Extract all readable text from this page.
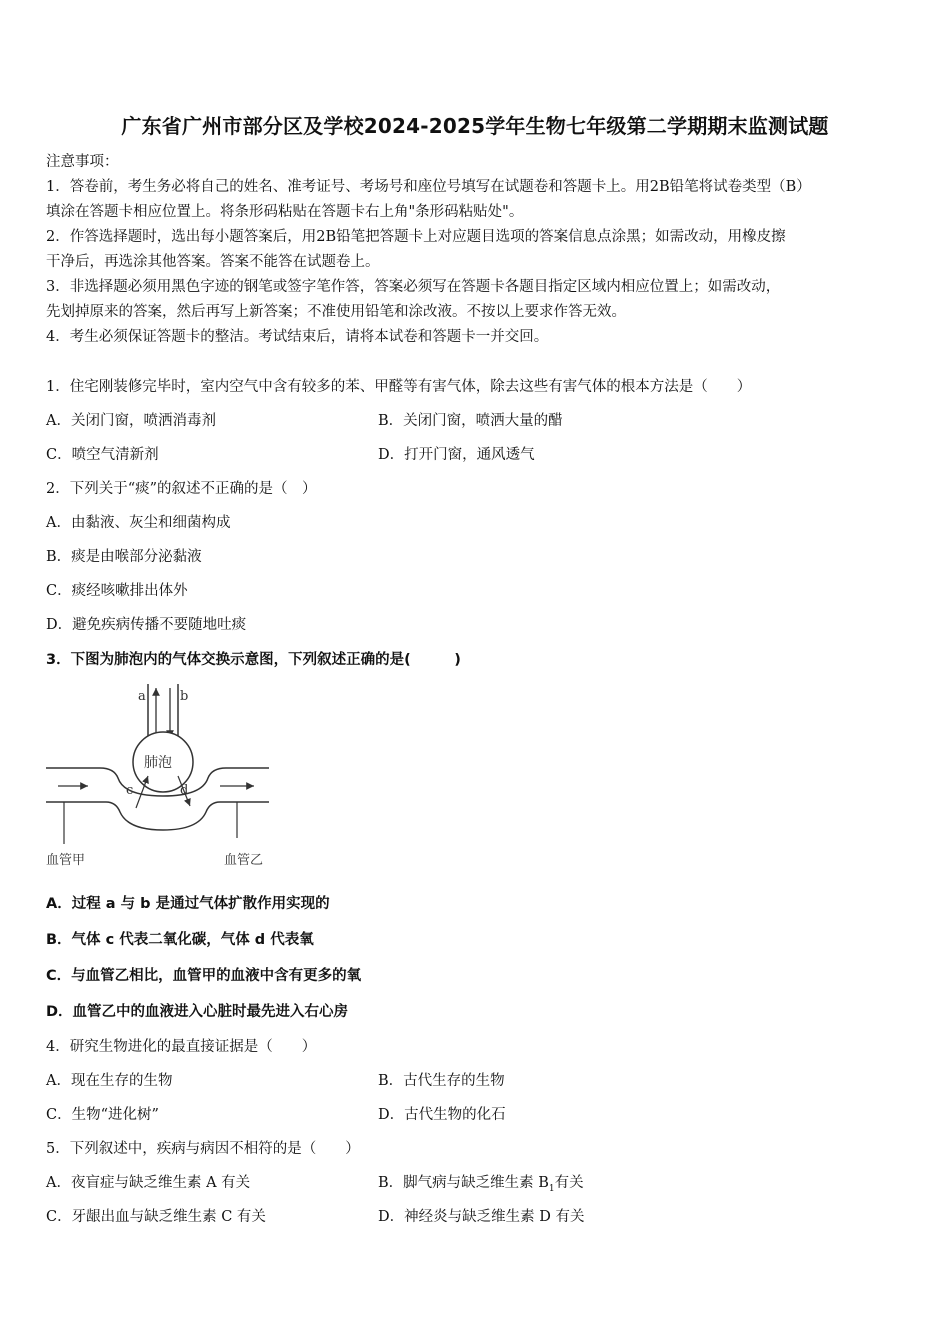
广东省广州市部分区及学校2024-2025学年生物七年级第二学期期末监测试题

注意事项：

1．答卷前，考生务必将自己的姓名、准考证号、考场号和座位号填写在试题卷和答题卡上。用2B铅笔将试卷类型（B）

填涂在答题卡相应位置上。将条形码粘贴在答题卡右上角"条形码粘贴处"。

2．作答选择题时，选出每小题答案后，用2B铅笔把答题卡上对应题目选项的答案信息点涂黑；如需改动，用橡皮擦

干净后，再选涂其他答案。答案不能答在试题卷上。

3．非选择题必须用黑色字迹的钢笔或签字笔作答，答案必须写在答题卡各题目指定区域内相应位置上；如需改动，

先划掉原来的答案，然后再写上新答案；不准使用铅笔和涂改液。不按以上要求作答无效。

4．考生必须保证答题卡的整洁。考试结束后，请将本试卷和答题卡一并交回。

1．住宅刚装修完毕时，室内空气中含有较多的苯、甲醛等有害气体，除去这些有害气体的根本方法是（　　）
A．关闭门窗，喷洒消毒剂	B．关闭门窗，喷洒大量的醋
C．喷空气清新剂	D．打开门窗，通风透气
2．下列关于“痰”的叙述不正确的是（　）
A．由黏液、灰尘和细菌构成
B．痰是由喉部分泌黏液
C．痰经咳嗽排出体外
D．避免疾病传播不要随地吐痰
3．下图为肺泡内的气体交换示意图，下列叙述正确的是(　　　)
a	b
肺泡
c	d
血管甲	血管乙
A．过程 a 与 b 是通过气体扩散作用实现的
B．气体 c 代表二氧化碳，气体 d 代表氧
C．与血管乙相比，血管甲的血液中含有更多的氧
D．血管乙中的血液进入心脏时最先进入右心房
4．研究生物进化的最直接证据是（　　）
A．现在生存的生物	B．古代生存的生物
C．生物“进化树”	D．古代生物的化石
5．下列叙述中，疾病与病因不相符的是（　　）
A．夜盲症与缺乏维生素 A 有关	B．脚气病与缺乏维生素 $B_1$有关
C．牙龈出血与缺乏维生素 C 有关	D．神经炎与缺乏维生素 D 有关
